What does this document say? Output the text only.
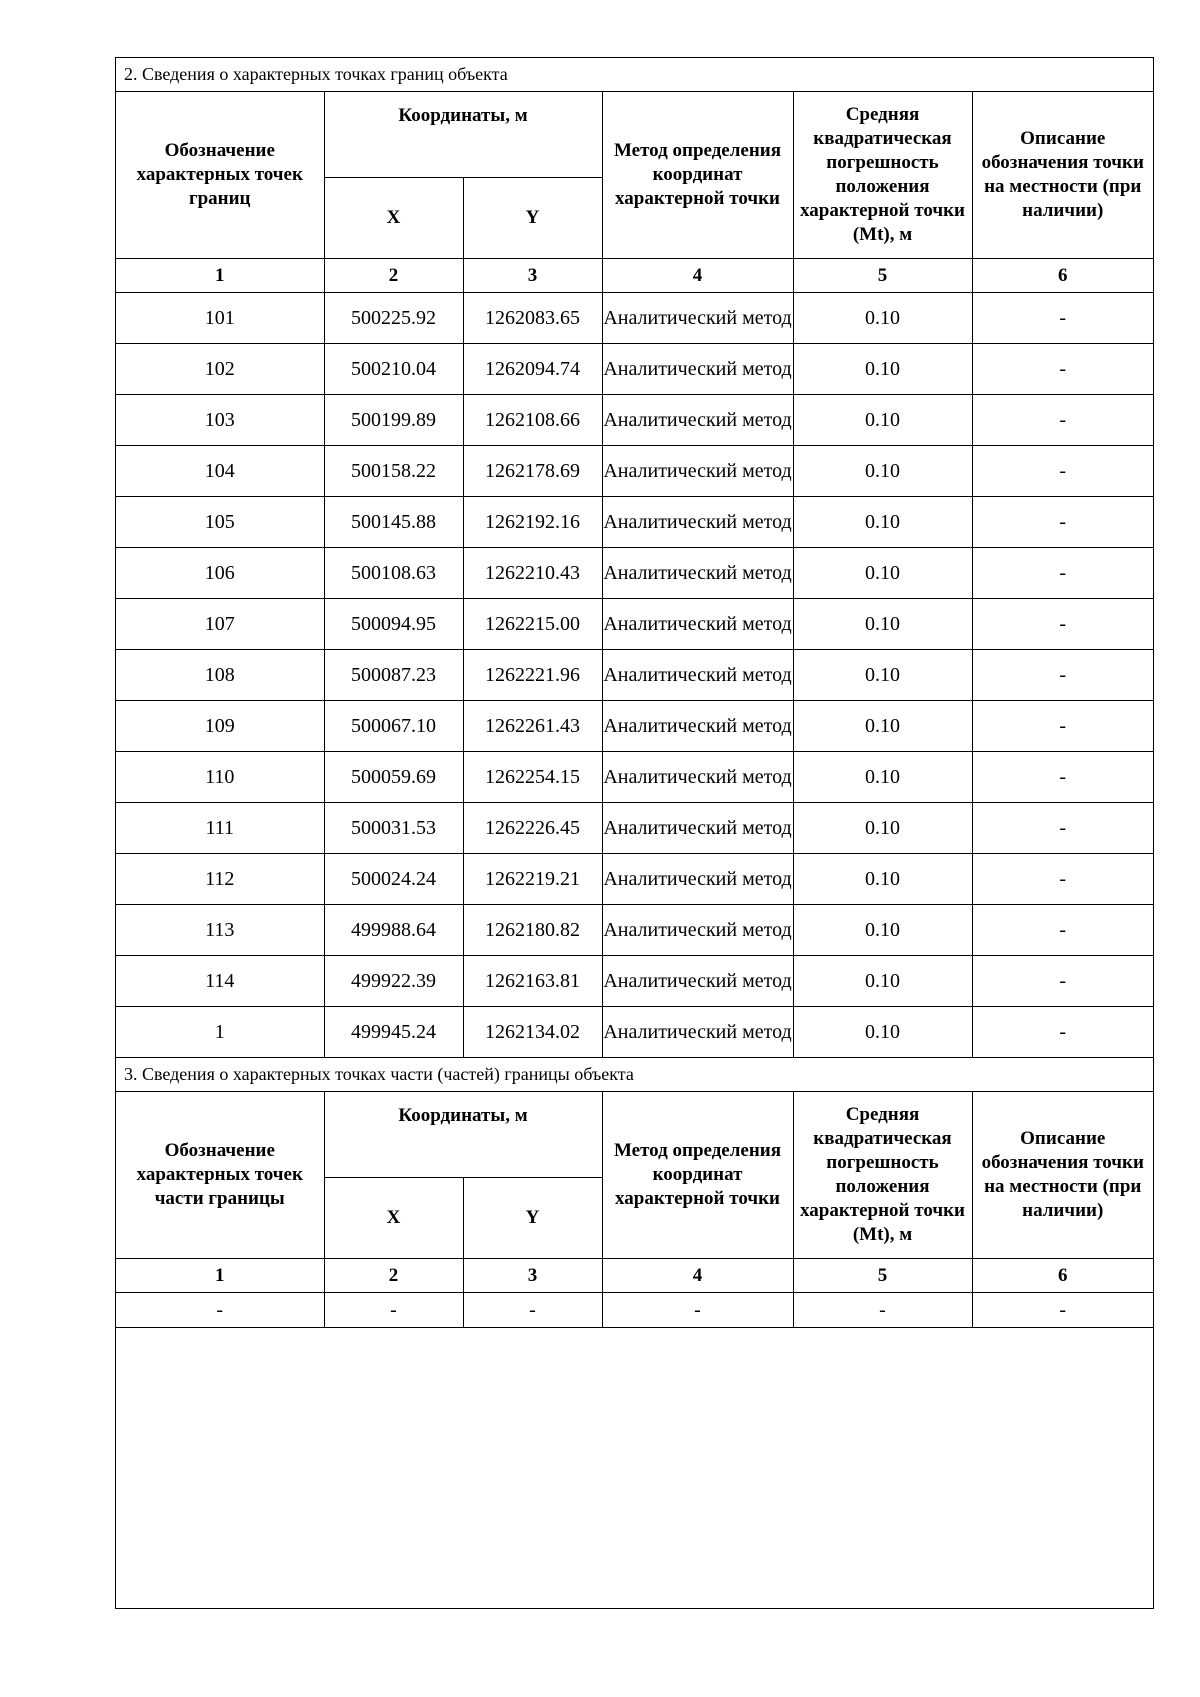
2. Сведения о характерных точках границ объекта					
Обозначение характерных точек границ	Координаты, м		Метод определения координат характерной точки	Средняя квадратическая погрешность положения характерной точки (Mt), м	Описание обозначения точки на местности (при наличии)
	X	Y			
1	2	3	4	5	6
101	500225.92	1262083.65	Аналитический метод	0.10	-
102	500210.04	1262094.74	Аналитический метод	0.10	-
103	500199.89	1262108.66	Аналитический метод	0.10	-
104	500158.22	1262178.69	Аналитический метод	0.10	-
105	500145.88	1262192.16	Аналитический метод	0.10	-
106	500108.63	1262210.43	Аналитический метод	0.10	-
107	500094.95	1262215.00	Аналитический метод	0.10	-
108	500087.23	1262221.96	Аналитический метод	0.10	-
109	500067.10	1262261.43	Аналитический метод	0.10	-
110	500059.69	1262254.15	Аналитический метод	0.10	-
111	500031.53	1262226.45	Аналитический метод	0.10	-
112	500024.24	1262219.21	Аналитический метод	0.10	-
113	499988.64	1262180.82	Аналитический метод	0.10	-
114	499922.39	1262163.81	Аналитический метод	0.10	-
1	499945.24	1262134.02	Аналитический метод	0.10	-
3. Сведения о характерных точках части (частей) границы объекта					
Обозначение характерных точек части границы	Координаты, м		Метод определения координат характерной точки	Средняя квадратическая погрешность положения характерной точки (Mt), м	Описание обозначения точки на местности (при наличии)
	X	Y			
1	2	3	4	5	6
-	-	-	-	-	-
